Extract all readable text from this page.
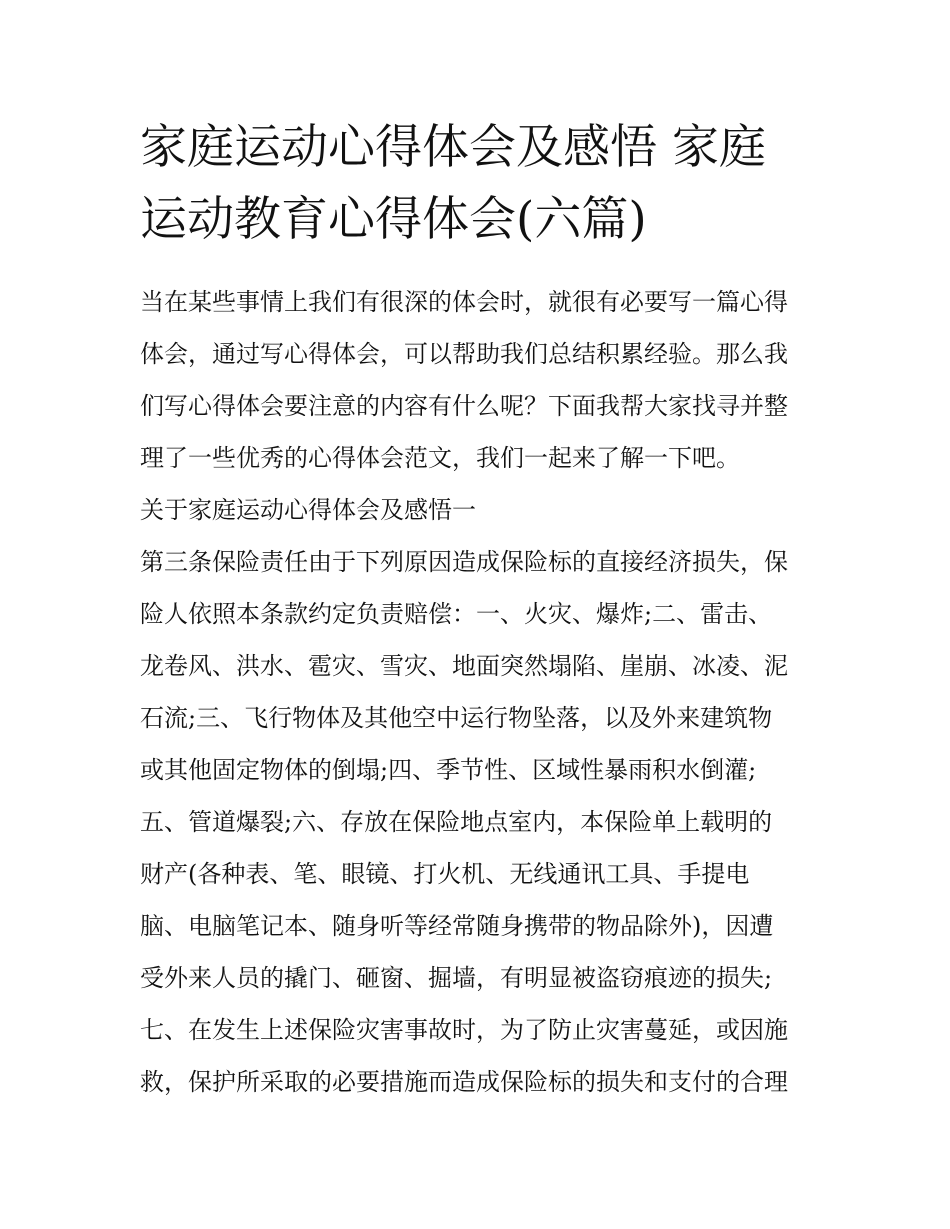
家庭运动心得体会及感悟 家庭
运动教育心得体会(六篇)
当在某些事情上我们有很深的体会时，就很有必要写一篇心得
体会，通过写心得体会，可以帮助我们总结积累经验。那么我
们写心得体会要注意的内容有什么呢？下面我帮大家找寻并整
理了一些优秀的心得体会范文，我们一起来了解一下吧。
关于家庭运动心得体会及感悟一
第三条保险责任由于下列原因造成保险标的直接经济损失，保
险人依照本条款约定负责赔偿：一、火灾、爆炸;二、雷击、
龙卷风、洪水、雹灾、雪灾、地面突然塌陷、崖崩、冰凌、泥
石流;三、飞行物体及其他空中运行物坠落，以及外来建筑物
或其他固定物体的倒塌;四、季节性、区域性暴雨积水倒灌;
五、管道爆裂;六、存放在保险地点室内，本保险单上载明的
财产(各种表、笔、眼镜、打火机、无线通讯工具、手提电
脑、电脑笔记本、随身听等经常随身携带的物品除外)，因遭
受外来人员的撬门、砸窗、掘墙，有明显被盗窃痕迹的损失;
七、在发生上述保险灾害事故时，为了防止灾害蔓延，或因施
救，保护所采取的必要措施而造成保险标的损失和支付的合理
